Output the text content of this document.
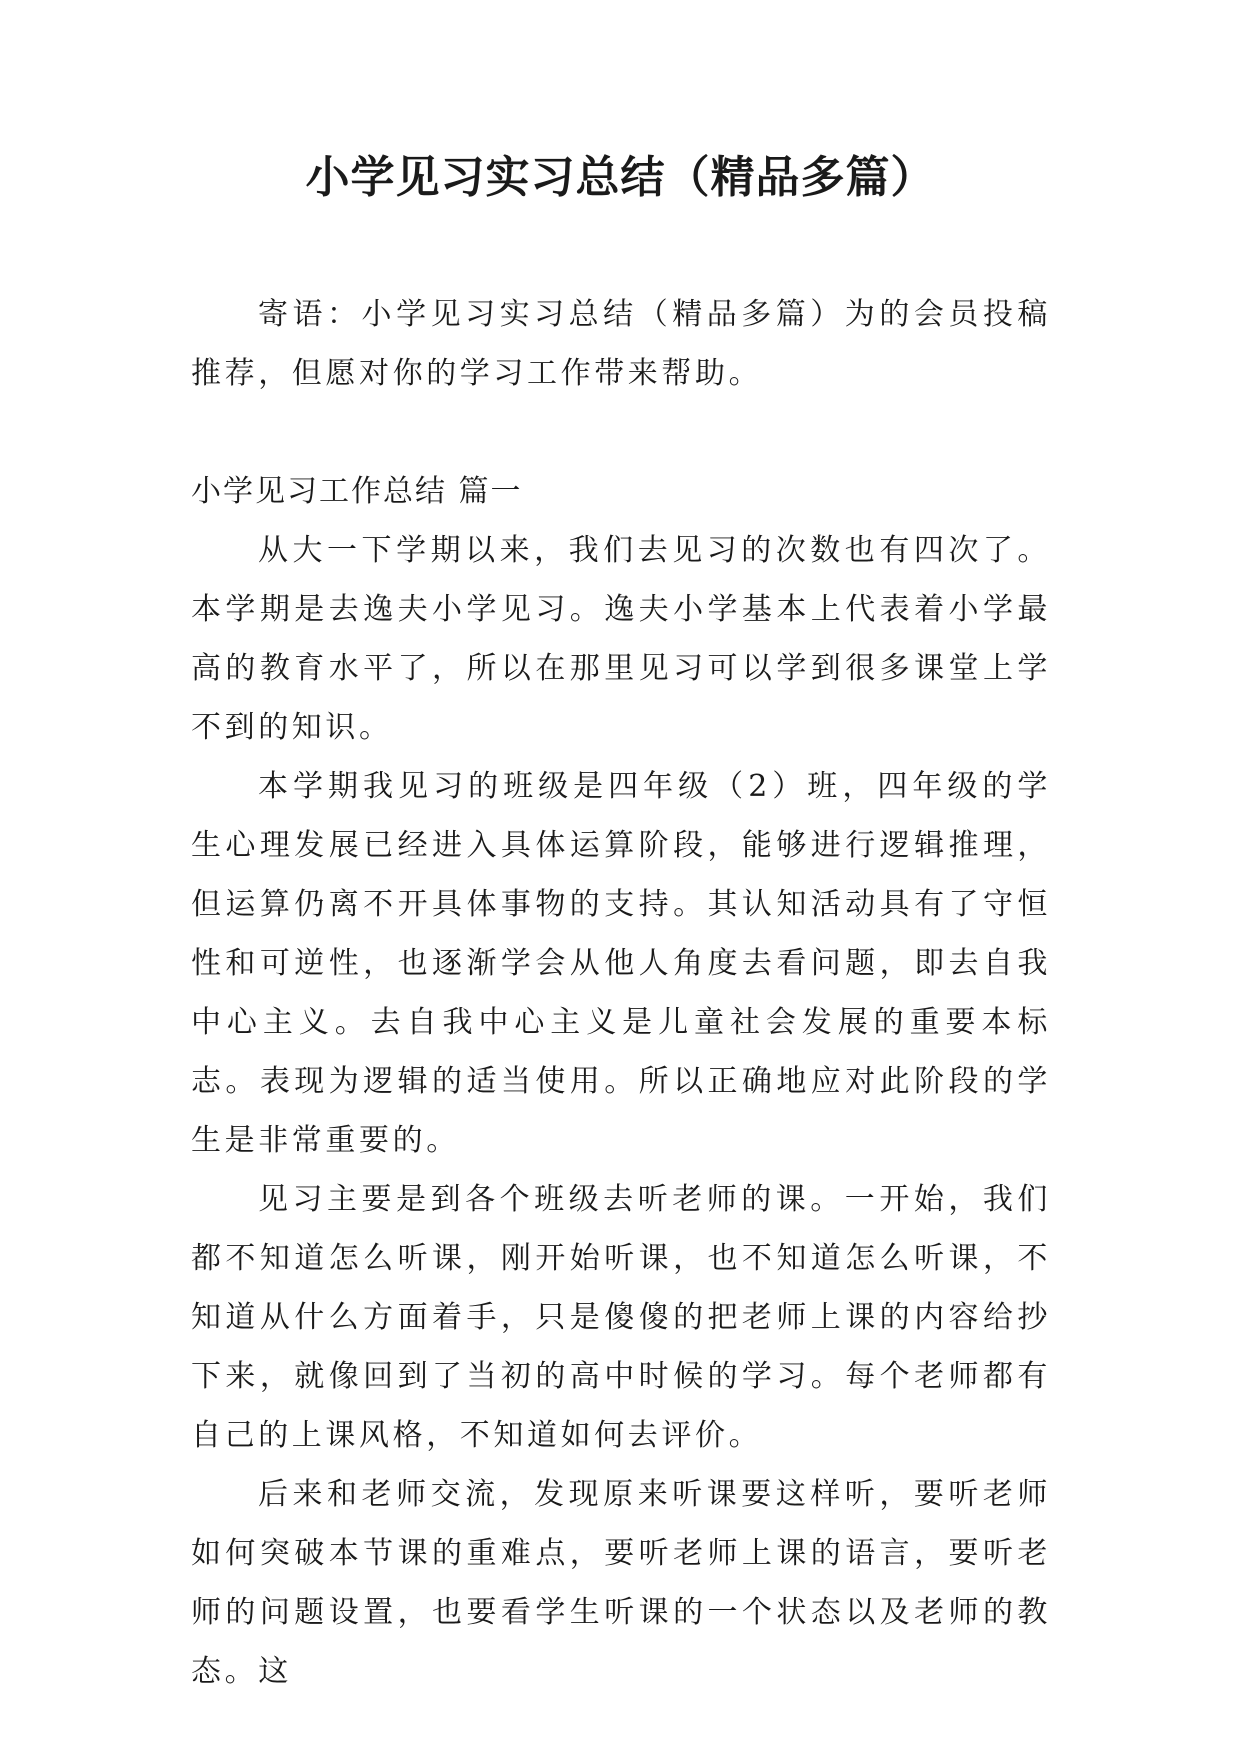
小学见习实习总结（精品多篇）

寄语：小学见习实习总结（精品多篇）为的会员投稿推荐，但愿对你的学习工作带来帮助。

小学见习工作总结 篇一

从大一下学期以来，我们去见习的次数也有四次了。本学期是去逸夫小学见习。逸夫小学基本上代表着小学最高的教育水平了，所以在那里见习可以学到很多课堂上学不到的知识。

本学期我见习的班级是四年级（2）班，四年级的学生心理发展已经进入具体运算阶段，能够进行逻辑推理，但运算仍离不开具体事物的支持。其认知活动具有了守恒性和可逆性，也逐渐学会从他人角度去看问题，即去自我中心主义。去自我中心主义是儿童社会发展的重要本标志。表现为逻辑的适当使用。所以正确地应对此阶段的学生是非常重要的。

见习主要是到各个班级去听老师的课。一开始，我们都不知道怎么听课，刚开始听课，也不知道怎么听课，不知道从什么方面着手，只是傻傻的把老师上课的内容给抄下来，就像回到了当初的高中时候的学习。每个老师都有自己的上课风格，不知道如何去评价。

后来和老师交流，发现原来听课要这样听，要听老师如何突破本节课的重难点，要听老师上课的语言，要听老师的问题设置，也要看学生听课的一个状态以及老师的教态。这
